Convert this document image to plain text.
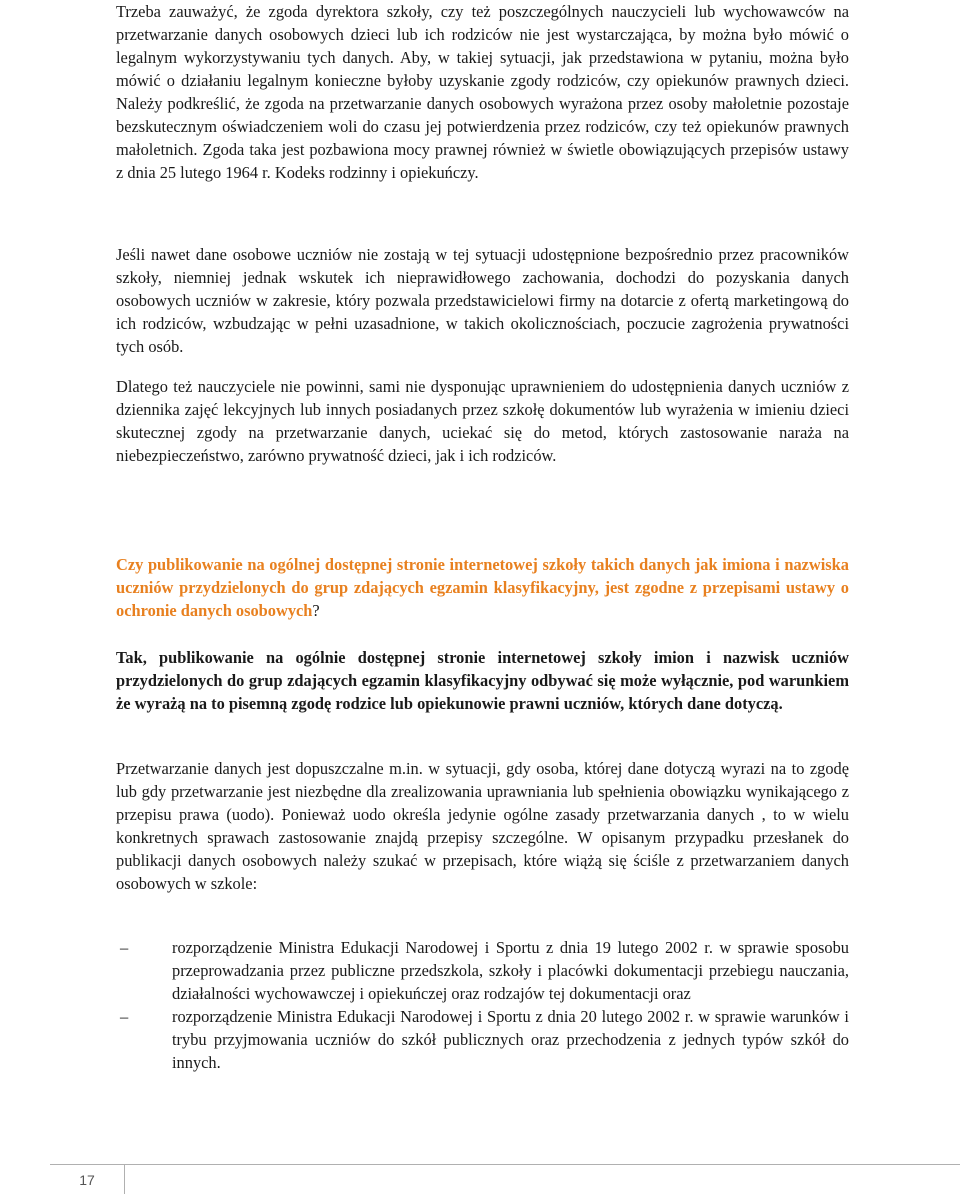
Trzeba zauważyć, że zgoda dyrektora szkoły, czy też poszczególnych nauczycieli lub wychowawców na przetwarzanie danych osobowych dzieci lub ich rodziców nie jest wystarczająca, by można było mówić o legalnym wykorzystywaniu tych danych. Aby, w takiej sytuacji, jak przedstawiona w pytaniu, można było mówić o działaniu legalnym konieczne byłoby uzyskanie zgody rodziców, czy opiekunów prawnych dzieci. Należy podkreślić, że zgoda na przetwarzanie danych osobowych wyrażona przez osoby małoletnie pozostaje bezskutecznym oświadczeniem woli do czasu jej potwierdzenia przez rodziców, czy też opiekunów prawnych małoletnich. Zgoda taka jest pozbawiona mocy prawnej również w świetle obowiązujących przepisów ustawy z dnia 25 lutego 1964 r. Kodeks rodzinny i opiekuńczy.

Jeśli nawet dane osobowe uczniów nie zostają w tej sytuacji udostępnione bezpośrednio przez pracowników szkoły, niemniej jednak wskutek ich nieprawidłowego zachowania, dochodzi do pozyskania danych osobowych uczniów w zakresie, który pozwala przedstawicielowi firmy na dotarcie z ofertą marketingową do ich rodziców, wzbudzając w pełni uzasadnione, w takich okolicznościach, poczucie zagrożenia prywatności tych osób.

Dlatego też nauczyciele nie powinni, sami nie dysponując uprawnieniem do udostępnienia danych uczniów z dziennika zajęć lekcyjnych lub innych posiadanych przez szkołę dokumentów lub wyrażenia w imieniu dzieci skutecznej zgody na przetwarzanie danych, uciekać się do metod, których zastosowanie naraża na niebezpieczeństwo, zarówno prywatność dzieci, jak i ich rodziców.

Czy publikowanie na ogólnej dostępnej stronie internetowej szkoły takich danych jak imiona i nazwiska uczniów przydzielonych do grup zdających egzamin klasyfikacyjny, jest zgodne z przepisami ustawy o ochronie danych osobowych?

Tak, publikowanie na ogólnie dostępnej stronie internetowej szkoły imion i nazwisk uczniów przydzielonych do grup zdających egzamin klasyfikacyjny odbywać się może wyłącznie, pod warunkiem że wyrażą na to pisemną zgodę rodzice lub opiekunowie prawni uczniów, których dane dotyczą.

Przetwarzanie danych jest dopuszczalne m.in. w sytuacji, gdy osoba, której dane dotyczą wyrazi na to zgodę lub gdy przetwarzanie jest niezbędne dla zrealizowania uprawniania lub spełnienia obowiązku wynikającego z przepisu prawa (uodo). Ponieważ uodo określa jedynie ogólne zasady przetwarzania danych , to w wielu konkretnych sprawach zastosowanie znajdą przepisy szczególne. W opisanym przypadku przesłanek do publikacji danych osobowych należy szukać w przepisach, które wiążą się ściśle z przetwarzaniem danych osobowych w szkole:

–	rozporządzenie Ministra Edukacji Narodowej i Sportu z dnia 19 lutego 2002 r. w sprawie sposobu przeprowadzania przez publiczne przedszkola, szkoły i placówki dokumentacji przebiegu nauczania, działalności wychowawczej i opiekuńczej oraz rodzajów tej dokumentacji oraz
–	rozporządzenie Ministra Edukacji Narodowej i Sportu z dnia 20 lutego 2002 r. w sprawie warunków i trybu przyjmowania uczniów do szkół publicznych oraz przechodzenia z jednych typów szkół do innych.
17
